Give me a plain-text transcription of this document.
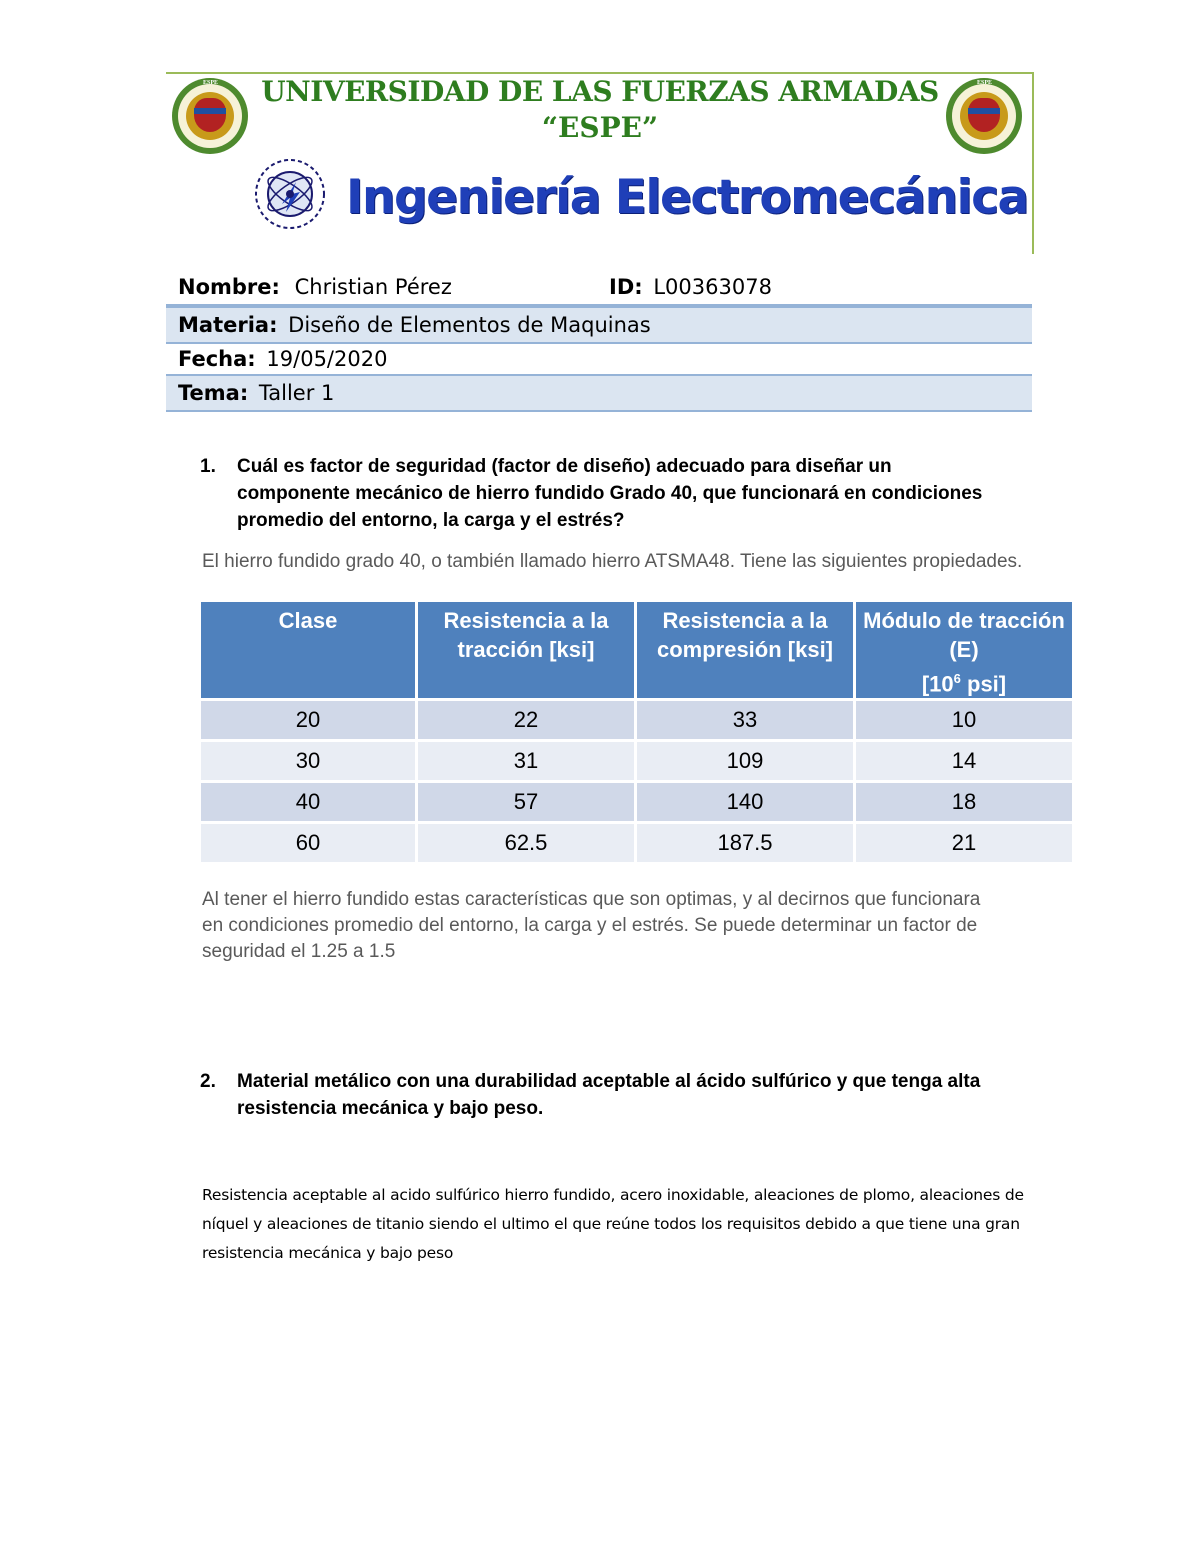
ESPE	ESPE
UNIVERSIDAD DE LAS FUERZAS ARMADAS
“ESPE”
Ingeniería Electromecánica
Nombre: Christian Pérez	ID: L00363078
Materia: Diseño de Elementos de Maquinas
Fecha: 19/05/2020
Tema: Taller 1
1. Cuál es factor de seguridad (factor de diseño) adecuado para diseñar un componente mecánico de hierro fundido Grado 40, que funcionará en condiciones promedio del entorno, la carga y el estrés?
El hierro fundido grado 40, o también llamado hierro ATSMA48. Tiene las siguientes propiedades.
Clase	Resistencia a la tracción [ksi]	Resistencia a la compresión [ksi]	Módulo de tracción (E)
[$10^6$ psi]
20	22	33	10
30	31	109	14
40	57	140	18
60	62.5	187.5	21
Al tener el hierro fundido estas características que son optimas, y al decirnos que funcionara en condiciones promedio del entorno, la carga y el estrés. Se puede determinar un factor de seguridad el 1.25 a 1.5
2. Material metálico con una durabilidad aceptable al ácido sulfúrico y que tenga alta resistencia mecánica y bajo peso.
Resistencia aceptable al acido sulfúrico hierro fundido, acero inoxidable, aleaciones de plomo, aleaciones de níquel y aleaciones de titanio siendo el ultimo el que reúne todos los requisitos debido a que tiene una gran resistencia mecánica y bajo peso
